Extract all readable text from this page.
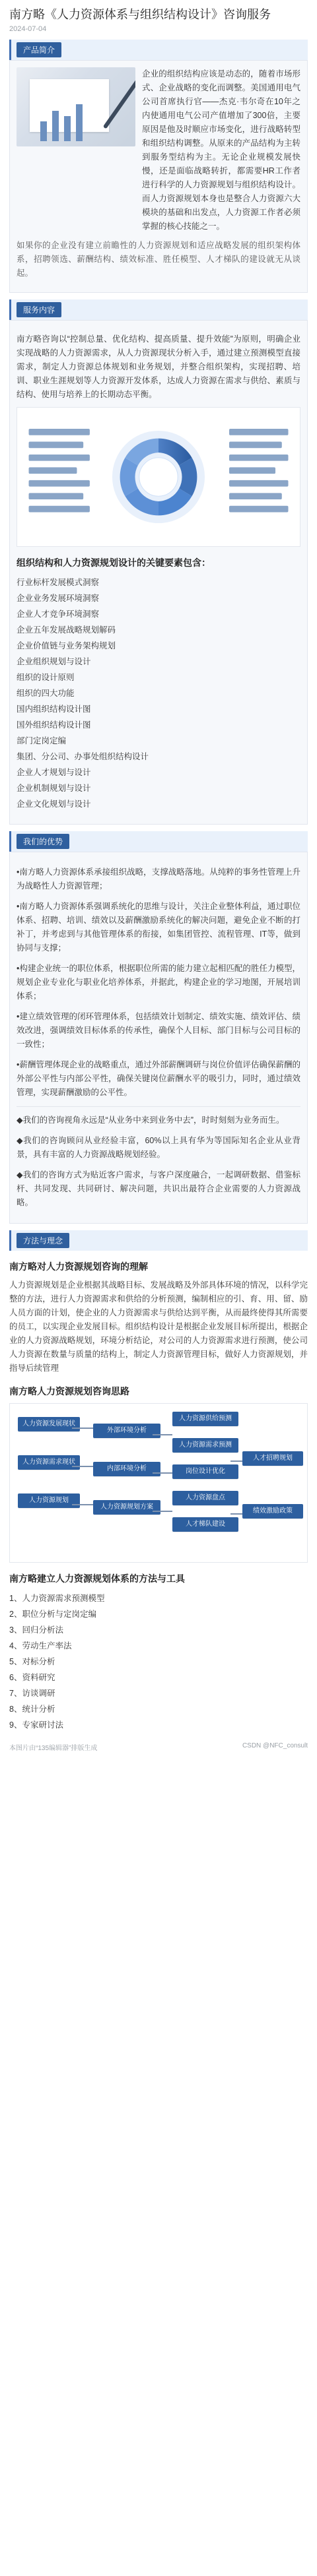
南方略《人力资源体系与组织结构设计》咨询服务
2024-07-04
产品简介
企业的组织结构应该是动态的，随着市场形式、企业战略的变化而调整。美国通用电气公司首席执行官——杰克·韦尔奇在10年之内使通用电气公司产值增加了300倍，主要原因是他及时顺应市场变化，进行战略转型和组织结构调整。从原来的产品结构为主转到服务型结构为主。无论企业规模发展快慢，还是面临战略转折，都需要HR工作者进行科学的人力资源规划与组织结构设计。而人力资源规划本身也是整合人力资源六大模块的基础和出发点，人力资源工作者必须掌握的核心技能之一。
如果你的企业没有建立前瞻性的人力资源规划和适应战略发展的组织架构体系，招聘领选、薪酬结构、绩效标准、胜任模型、人才梯队的建设就无从谈起。
服务内容
南方略咨询以“控制总量、优化结构、提高质量、提升效能”为原则，明确企业实现战略的人力资源需求，从人力资源现状分析入手，通过建立预测模型直接需求，制定人力资源总体规划和业务规划，并整合组织架构，实现招聘、培训、职业生涯规划等人力资源开发体系，达成人力资源在需求与供给、素质与结构、使用与培养上的长期动态平衡。
组织结构和人力资源规划设计的关键要素包含：
行业标杆发展模式洞察
企业业务发展环境洞察
企业人才竞争环境洞察
企业五年发展战略规划解码
企业价值链与业务架构规划
企业组织规划与设计
组织的设计原则
组织的四大功能
国内组织结构设计图
国外组织结构设计图
部门定岗定编
集团、分公司、办事处组织结构设计
企业人才规划与设计
企业机制规划与设计
企业文化规划与设计
我们的优势
•南方略人力资源体系承接组织战略，支撑战略落地。从纯粹的事务性管理上升为战略性人力资源管理；
•南方略人力资源体系强调系统化的思维与设计，关注企业整体利益，通过职位体系、招聘、培训、绩效以及薪酬激励系统化的解决问题，避免企业不断的打补丁，并考虑到与其他管理体系的衔接，如集团管控、流程管理、IT等，做到协同与支撑；
•构建企业统一的职位体系，根据职位所需的能力建立起相匹配的胜任力模型，规划企业专业化与职业化培养体系，并据此，构建企业的学习地图，开展培训体系；
•建立绩效管理的闭环管理体系，包括绩效计划制定、绩效实施、绩效评估、绩效改进，强调绩效目标体系的传承性，确保个人目标、部门目标与公司目标的一致性；
•薪酬管理体现企业的战略重点，通过外部薪酬调研与岗位价值评估确保薪酬的外部公平性与内部公平性，确保关键岗位薪酬水平的吸引力，同时，通过绩效管理，实现薪酬激励的公平性。
◆我们的咨询视角永远是“从业务中来到业务中去”，时时刻刻为业务而生。
◆我们的咨询顾问从业经验丰富，60%以上具有华为等国际知名企业从业背景，具有丰富的人力资源战略规划经验。
◆我们的咨询方式为贴近客户需求，与客户深度融合，一起调研数据、借鉴标杆、共同发现、共同研讨、解决问题，共识出最符合企业需要的人力资源战略。
方法与理念
南方略对人力资源规划咨询的理解
人力资源规划是企业根据其战略目标、发展战略及外部具体环境的情况，以科学完整的方法，进行人力资源需求和供给的分析预测，编制相应的引、育、用、留、励人员方面的计划，使企业的人力资源需求与供给达到平衡，从而最终使得其所需要的员工，以实现企业发展目标。组织结构设计是根据企业发展目标所提出，根据企业的人力资源战略规划，环境分析结论，对公司的人力资源需求进行预测，使公司人力资源在数量与质量的结构上，制定人力资源管理目标，做好人力资源规划，并指导后续管理
南方略人力资源规划咨询思路
人力资源发展现状
人力资源需求现状
人力资源规划
外部环境分析
内部环境分析
人力资源规划方案
人力资源供给预测
人力资源需求预测
岗位设计优化
人力资源盘点
人才梯队建设
人才招聘规划
绩效激励政策
南方略建立人力资源规划体系的方法与工具
1、人力资源需求预测模型
2、职位分析与定岗定编
3、回归分析法
4、劳动生产率法
5、对标分析
6、资料研究
7、访谈调研
8、统计分析
9、专家研讨法
本图片由“135编辑器”排版生成	CSDN @NFC_consult
